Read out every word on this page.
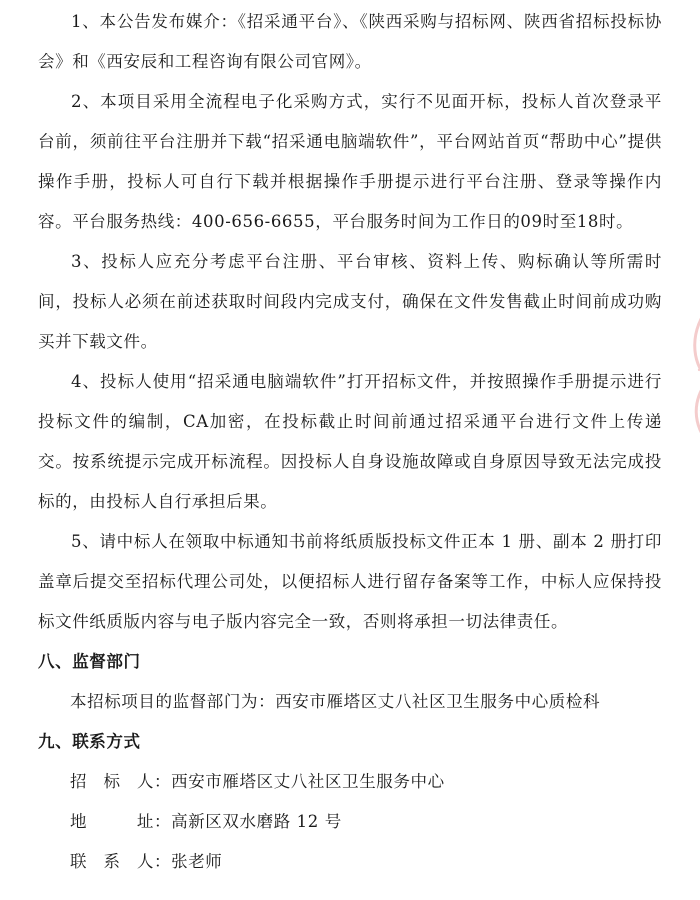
1、本公告发布媒介：《招采通平台》、《陕西采购与招标网、陕西省招标投标协会》和《西安辰和工程咨询有限公司官网》。

2、本项目采用全流程电子化采购方式，实行不见面开标，投标人首次登录平台前，须前往平台注册并下载“招采通电脑端软件”，平台网站首页“帮助中心”提供操作手册，投标人可自行下载并根据操作手册提示进行平台注册、登录等操作内容。平台服务热线：400-656-6655，平台服务时间为工作日的09时至18时。

3、投标人应充分考虑平台注册、平台审核、资料上传、购标确认等所需时间，投标人必须在前述获取时间段内完成支付，确保在文件发售截止时间前成功购买并下载文件。

4、投标人使用“招采通电脑端软件”打开招标文件，并按照操作手册提示进行投标文件的编制，CA加密，在投标截止时间前通过招采通平台进行文件上传递交。按系统提示完成开标流程。因投标人自身设施故障或自身原因导致无法完成投标的，由投标人自行承担后果。

5、请中标人在领取中标通知书前将纸质版投标文件正本 1 册、副本 2 册打印盖章后提交至招标代理公司处，以便招标人进行留存备案等工作，中标人应保持投标文件纸质版内容与电子版内容完全一致，否则将承担一切法律责任。

八、监督部门

本招标项目的监督部门为：西安市雁塔区丈八社区卫生服务中心质检科

九、联系方式

招标人 ： 西安市雁塔区丈八社区卫生服务中心
地址 ： 高新区双水磨路 12 号
联系人 ： 张老师
